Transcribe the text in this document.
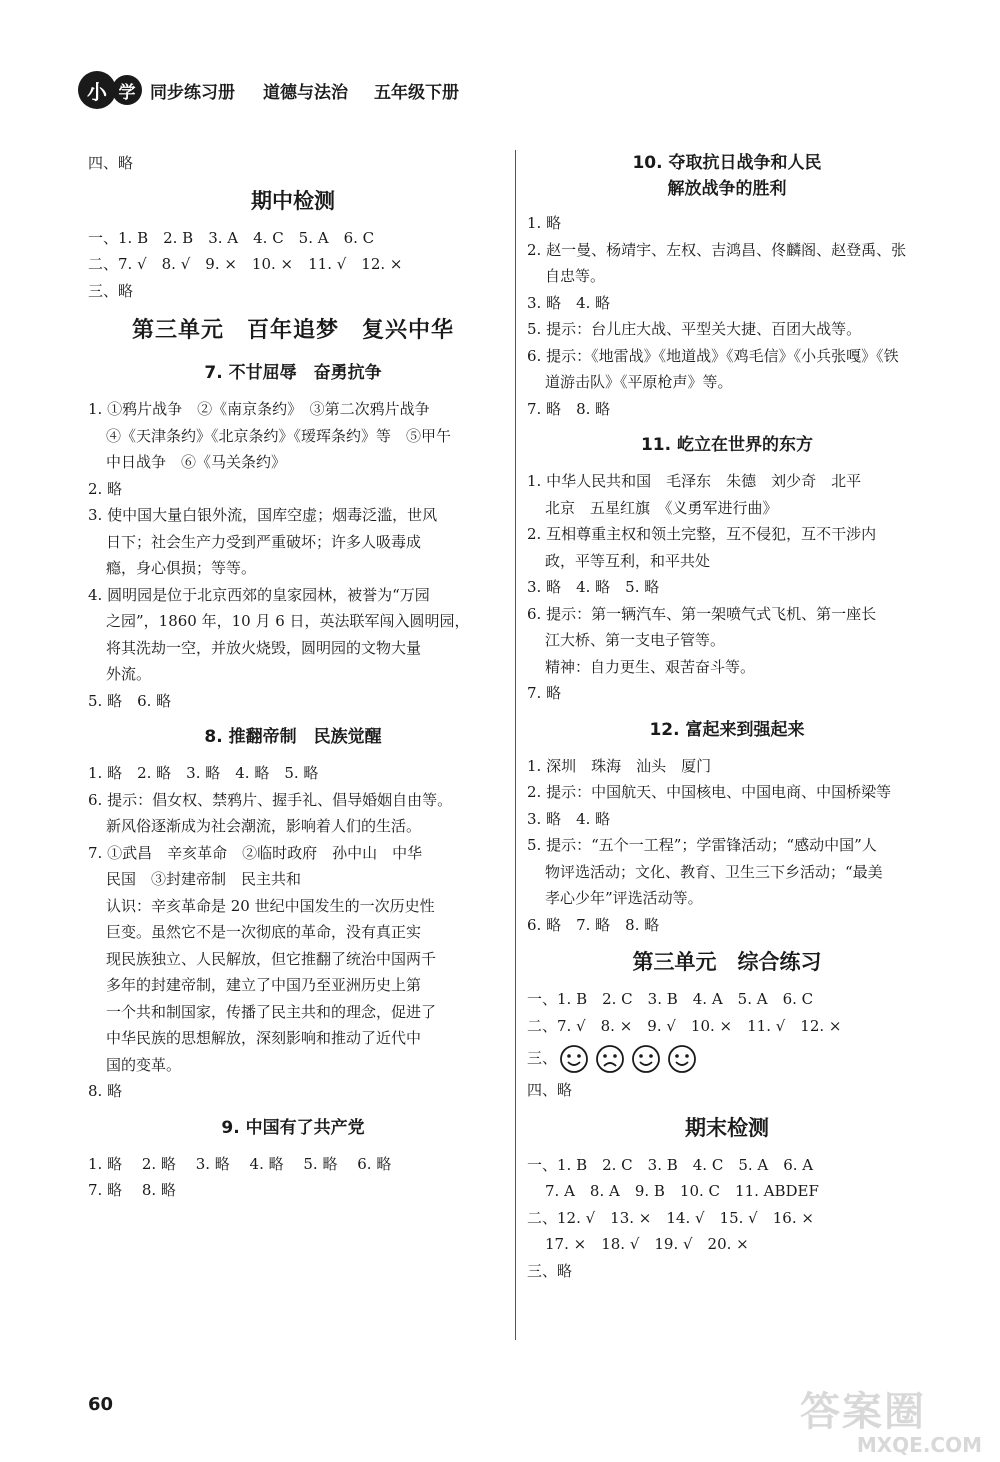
小 学 同步练习册 道德与法治 五年级下册
四、略
期中检测
一、1. B　2. B　3. A　4. C　5. A　6. C
二、7. √　8. √　9. ×　10. ×　11. √　12. ×
三、略
第三单元　百年追梦　复兴中华
7. 不甘屈辱　奋勇抗争
1. ①鸦片战争　②《南京条约》　③第二次鸦片战争
④《天津条约》《北京条约》《瑷珲条约》等　⑤甲午
中日战争　⑥《马关条约》
2. 略
3. 使中国大量白银外流，国库空虚；烟毒泛滥，世风
日下；社会生产力受到严重破坏；许多人吸毒成
瘾，身心俱损；等等。
4. 圆明园是位于北京西郊的皇家园林，被誉为“万园
之园”，1860 年，10 月 6 日，英法联军闯入圆明园，
将其洗劫一空，并放火烧毁，圆明园的文物大量
外流。
5. 略　6. 略
8. 推翻帝制　民族觉醒
1. 略　2. 略　3. 略　4. 略　5. 略
6. 提示：倡女权、禁鸦片、握手礼、倡导婚姻自由等。
新风俗逐渐成为社会潮流，影响着人们的生活。
7. ①武昌　辛亥革命　②临时政府　孙中山　中华
民国　③封建帝制　民主共和
认识：辛亥革命是 20 世纪中国发生的一次历史性
巨变。虽然它不是一次彻底的革命，没有真正实
现民族独立、人民解放，但它推翻了统治中国两千
多年的封建帝制，建立了中国乃至亚洲历史上第
一个共和制国家，传播了民主共和的理念，促进了
中华民族的思想解放，深刻影响和推动了近代中
国的变革。
8. 略
9. 中国有了共产党
1. 略　 2. 略　 3. 略　 4. 略　 5. 略　 6. 略
7. 略　 8. 略
10. 夺取抗日战争和人民
解放战争的胜利
1. 略
2. 赵一曼、杨靖宇、左权、吉鸿昌、佟麟阁、赵登禹、张
自忠等。
3. 略　4. 略
5. 提示：台儿庄大战、平型关大捷、百团大战等。
6. 提示：《地雷战》《地道战》《鸡毛信》《小兵张嘎》《铁
道游击队》《平原枪声》等。
7. 略　8. 略
11. 屹立在世界的东方
1. 中华人民共和国　毛泽东　朱德　刘少奇　北平
北京　五星红旗　《义勇军进行曲》
2. 互相尊重主权和领土完整，互不侵犯，互不干涉内
政，平等互利，和平共处
3. 略　4. 略　5. 略
6. 提示：第一辆汽车、第一架喷气式飞机、第一座长
江大桥、第一支电子管等。
精神：自力更生、艰苦奋斗等。
7. 略
12. 富起来到强起来
1. 深圳　珠海　汕头　厦门
2. 提示：中国航天、中国核电、中国电商、中国桥梁等
3. 略　4. 略
5. 提示：“五个一工程”；学雷锋活动；“感动中国”人
物评选活动；文化、教育、卫生三下乡活动；“最美
孝心少年”评选活动等。
6. 略　7. 略　8. 略
第三单元　综合练习
一、1. B　2. C　3. B　4. A　5. A　6. C
二、7. √　8. ×　9. √　10. ×　11. √　12. ×
三、
四、略
期末检测
一、1. B　2. C　3. B　4. C　5. A　6. A
7. A　8. A　9. B　10. C　11. ABDEF
二、12. √　13. ×　14. √　15. √　16. ×
17. ×　18. √　19. √　20. ×
三、略
60	答案圈
MXQE.COM
